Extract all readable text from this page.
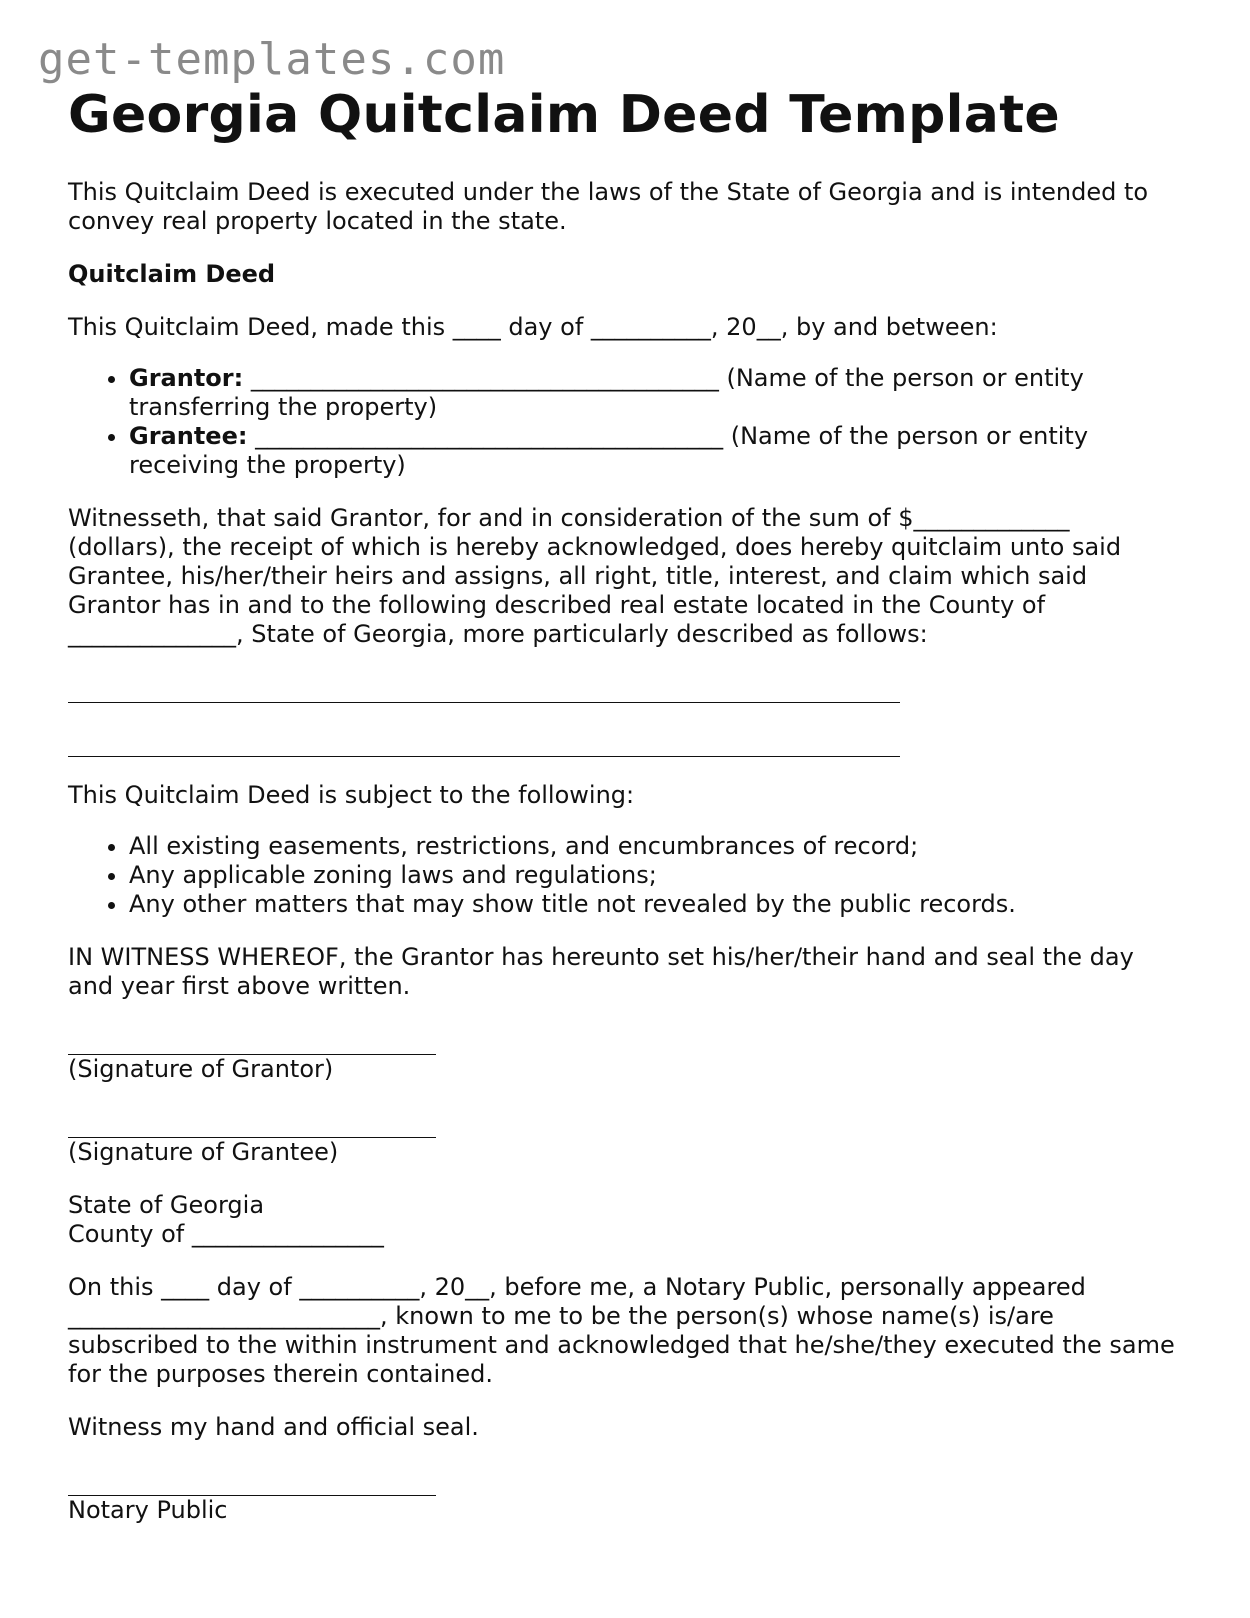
get-templates.com
Georgia Quitclaim Deed Template

This Quitclaim Deed is executed under the laws of the State of Georgia and is intended to convey real property located in the state.

Quitclaim Deed

This Quitclaim Deed, made this ____ day of __________, 20__, by and between:

• Grantor: _______________________________________ (Name of the person or entity transferring the property)
• Grantee: _______________________________________ (Name of the person or entity receiving the property)

Witnesseth, that said Grantor, for and in consideration of the sum of $_____________ (dollars), the receipt of which is hereby acknowledged, does hereby quitclaim unto said Grantee, his/her/their heirs and assigns, all right, title, interest, and claim which said Grantor has in and to the following described real estate located in the County of ______________, State of Georgia, more particularly described as follows:

This Quitclaim Deed is subject to the following:

• All existing easements, restrictions, and encumbrances of record;
• Any applicable zoning laws and regulations;
• Any other matters that may show title not revealed by the public records.

IN WITNESS WHEREOF, the Grantor has hereunto set his/her/their hand and seal the day and year first above written.

(Signature of Grantor)

(Signature of Grantee)

State of Georgia

County of ________________

On this ____ day of __________, 20__, before me, a Notary Public, personally appeared __________________________, known to me to be the person(s) whose name(s) is/are subscribed to the within instrument and acknowledged that he/she/they executed the same for the purposes therein contained.

Witness my hand and official seal.

Notary Public
